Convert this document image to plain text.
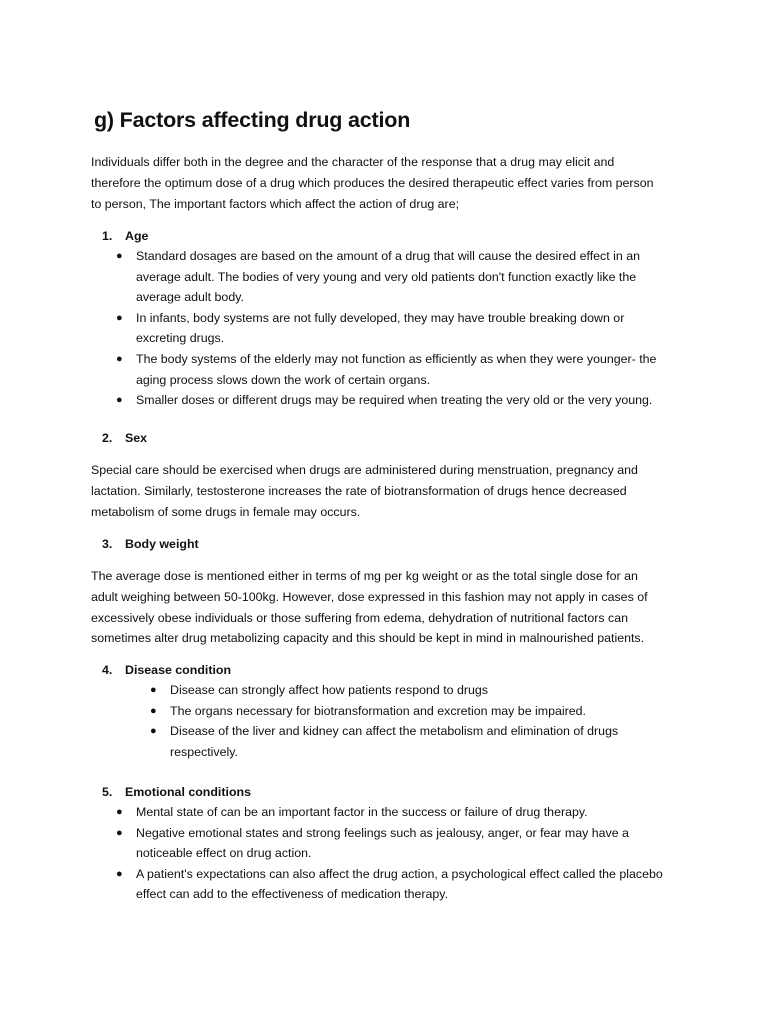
g) Factors affecting drug action

Individuals differ both in the degree and the character of the response that a drug may elicit and
therefore the optimum dose of a drug which produces the desired therapeutic effect varies from person
to person, The important factors which affect the action of drug are;

1. Age
● Standard dosages are based on the amount of a drug that will cause the desired effect in an
average adult. The bodies of very young and very old patients don't function exactly like the
average adult body.
● In infants, body systems are not fully developed, they may have trouble breaking down or
excreting drugs.
● The body systems of the elderly may not function as efficiently as when they were younger- the
aging process slows down the work of certain organs.
● Smaller doses or different drugs may be required when treating the very old or the very young.
2. Sex

Special care should be exercised when drugs are administered during menstruation, pregnancy and
lactation. Similarly, testosterone increases the rate of biotransformation of drugs hence decreased
metabolism of some drugs in female may occurs.

3. Body weight

The average dose is mentioned either in terms of mg per kg weight or as the total single dose for an
adult weighing between 50-100kg. However, dose expressed in this fashion may not apply in cases of
excessively obese individuals or those suffering from edema, dehydration of nutritional factors can
sometimes alter drug metabolizing capacity and this should be kept in mind in malnourished patients.

4. Disease condition
● Disease can strongly affect how patients respond to drugs
● The organs necessary for biotransformation and excretion may be impaired.
● Disease of the liver and kidney can affect the metabolism and elimination of drugs
respectively.
5. Emotional conditions
● Mental state of can be an important factor in the success or failure of drug therapy.
● Negative emotional states and strong feelings such as jealousy, anger, or fear may have a
noticeable effect on drug action.
● A patient's expectations can also affect the drug action, a psychological effect called the placebo
effect can add to the effectiveness of medication therapy.
